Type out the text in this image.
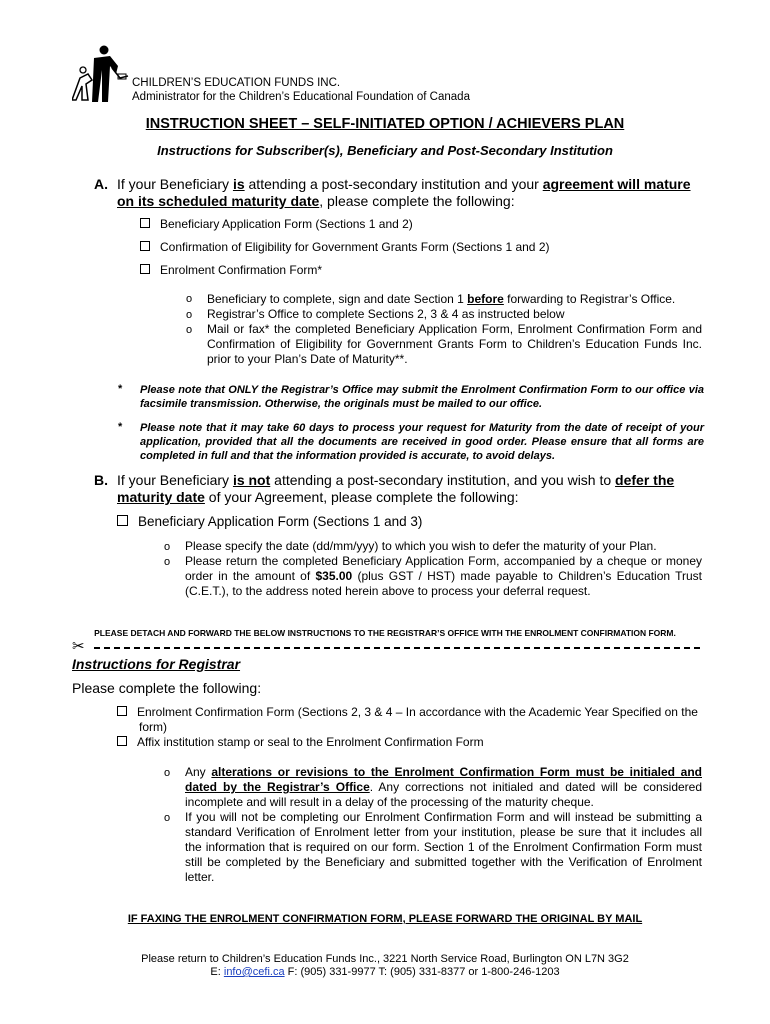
CHILDREN’S EDUCATION FUNDS INC.
Administrator for the Children’s Educational Foundation of Canada
INSTRUCTION SHEET – SELF-INITIATED OPTION / ACHIEVERS PLAN
Instructions for Subscriber(s), Beneficiary and Post-Secondary Institution
A. If your Beneficiary is attending a post-secondary institution and your agreement will mature on its scheduled maturity date, please complete the following:
Beneficiary Application Form (Sections 1 and 2)
Confirmation of Eligibility for Government Grants Form (Sections 1 and 2)
Enrolment Confirmation Form*
o Beneficiary to complete, sign and date Section 1 before forwarding to Registrar’s Office.
o Registrar’s Office to complete Sections 2, 3 & 4 as instructed below
o Mail or fax* the completed Beneficiary Application Form, Enrolment Confirmation Form and Confirmation of Eligibility for Government Grants Form to Children’s Education Funds Inc. prior to your Plan’s Date of Maturity**.
* Please note that ONLY the Registrar’s Office may submit the Enrolment Confirmation Form to our office via facsimile transmission. Otherwise, the originals must be mailed to our office.
* Please note that it may take 60 days to process your request for Maturity from the date of receipt of your application, provided that all the documents are received in good order. Please ensure that all forms are completed in full and that the information provided is accurate, to avoid delays.
B. If your Beneficiary is not attending a post-secondary institution, and you wish to defer the maturity date of your Agreement, please complete the following:
Beneficiary Application Form (Sections 1 and 3)
o Please specify the date (dd/mm/yyy) to which you wish to defer the maturity of your Plan.
o Please return the completed Beneficiary Application Form, accompanied by a cheque or money order in the amount of $35.00 (plus GST / HST) made payable to Children’s Education Trust (C.E.T.), to the address noted herein above to process your deferral request.
PLEASE DETACH AND FORWARD THE BELOW INSTRUCTIONS TO THE REGISTRAR’S OFFICE WITH THE ENROLMENT CONFIRMATION FORM.
✂
Instructions for Registrar
Please complete the following:
Enrolment Confirmation Form (Sections 2, 3 & 4 – In accordance with the Academic Year Specified on the form)
Affix institution stamp or seal to the Enrolment Confirmation Form
o Any alterations or revisions to the Enrolment Confirmation Form must be initialed and dated by the Registrar’s Office. Any corrections not initialed and dated will be considered incomplete and will result in a delay of the processing of the maturity cheque.
o If you will not be completing our Enrolment Confirmation Form and will instead be submitting a standard Verification of Enrolment letter from your institution, please be sure that it includes all the information that is required on our form. Section 1 of the Enrolment Confirmation Form must still be completed by the Beneficiary and submitted together with the Verification of Enrolment letter.
IF FAXING THE ENROLMENT CONFIRMATION FORM, PLEASE FORWARD THE ORIGINAL BY MAIL
Please return to Children’s Education Funds Inc., 3221 North Service Road, Burlington ON L7N 3G2
E: info@cefi.ca F: (905) 331-9977 T: (905) 331-8377 or 1-800-246-1203
